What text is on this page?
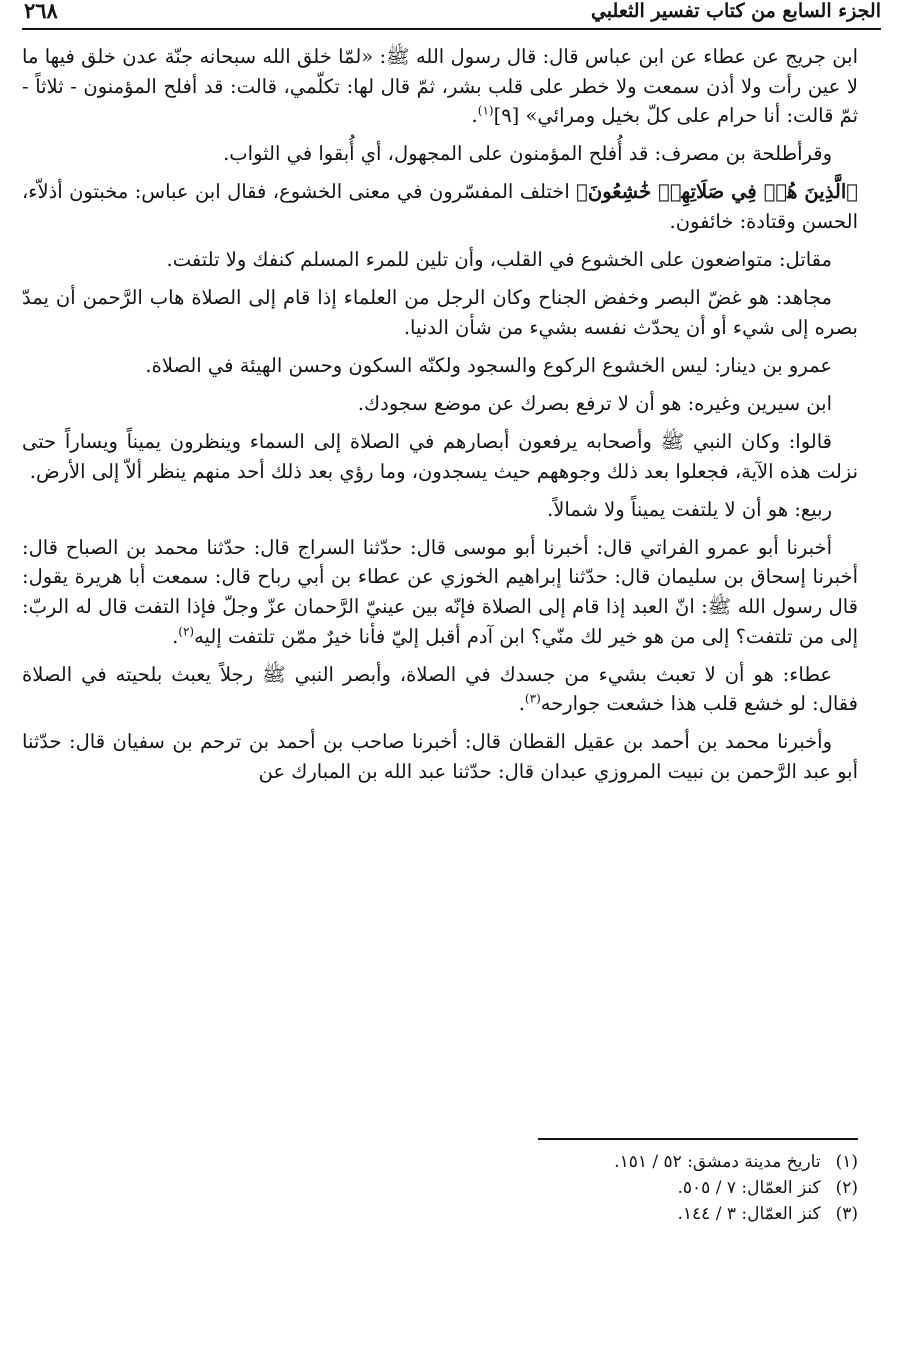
الجزء السابع من كتاب تفسير الثعلبي
٢٦٨

ابن جريج عن عطاء عن ابن عباس قال: قال رسول الله ﷺ: «لمّا خلق الله سبحانه جنّة عدن خلق فيها ما لا عين رأت ولا أذن سمعت ولا خطر على قلب بشر، ثمّ قال لها: تكلّمي، قالت: قد أفلح المؤمنون - ثلاثاً - ثمّ قالت: أنا حرام على كلّ بخيل ومرائي» [٩]$^{(١)}$.

وقرأطلحة بن مصرف: قد أُفلح المؤمنون على المجهول، أي أُبقوا في الثواب.

﴿الَّذِينَ هُمۡ فِي صَلَاتِهِمۡ خَٰشِعُونَ﴾ اختلف المفسّرون في معنى الخشوع، فقال ابن عباس: مخبتون أذلاّء، الحسن وقتادة: خائفون.

مقاتل: متواضعون على الخشوع في القلب، وأن تلين للمرء المسلم كنفك ولا تلتفت.

مجاهد: هو غضّ البصر وخفض الجناح وكان الرجل من العلماء إذا قام إلى الصلاة هاب الرَّحمن أن يمدّ بصره إلى شيء أو أن يحدّث نفسه بشيء من شأن الدنيا.

عمرو بن دينار: ليس الخشوع الركوع والسجود ولكنّه السكون وحسن الهيئة في الصلاة.

ابن سيرين وغيره: هو أن لا ترفع بصرك عن موضع سجودك.

قالوا: وكان النبي ﷺ وأصحابه يرفعون أبصارهم في الصلاة إلى السماء وينظرون يميناً ويساراً حتى نزلت هذه الآية، فجعلوا بعد ذلك وجوههم حيث يسجدون، وما رؤي بعد ذلك أحد منهم ينظر ألاّ إلى الأرض.

ربيع: هو أن لا يلتفت يميناً ولا شمالاً.

أخبرنا أبو عمرو الفراتي قال: أخبرنا أبو موسى قال: حدّثنا السراج قال: حدّثنا محمد بن الصباح قال: أخبرنا إسحاق بن سليمان قال: حدّثنا إبراهيم الخوزي عن عطاء بن أبي رباح قال: سمعت أبا هريرة يقول: قال رسول الله ﷺ: انّ العبد إذا قام إلى الصلاة فإنّه بين عينيّ الرَّحمان عزّ وجلّ فإذا التفت قال له الربّ: إلى من تلتفت؟ إلى من هو خير لك منّي؟ ابن آدم أقبل إليّ فأنا خيرٌ ممّن تلتفت إليه$^{(٢)}$.

عطاء: هو أن لا تعبث بشيء من جسدك في الصلاة، وأبصر النبي ﷺ رجلاً يعبث بلحيته في الصلاة فقال: لو خشع قلب هذا خشعت جوارحه$^{(٣)}$.

وأخبرنا محمد بن أحمد بن عقيل القطان قال: أخبرنا صاحب بن أحمد بن ترحم بن سفيان قال: حدّثنا أبو عبد الرَّحمن بن نبيت المروزي عبدان قال: حدّثنا عبد الله بن المبارك عن

(١) تاريخ مدينة دمشق: ٥٢ / ١٥١.
(٢) كنز العمّال: ٧ / ٥٠٥.
(٣) كنز العمّال: ٣ / ١٤٤.
